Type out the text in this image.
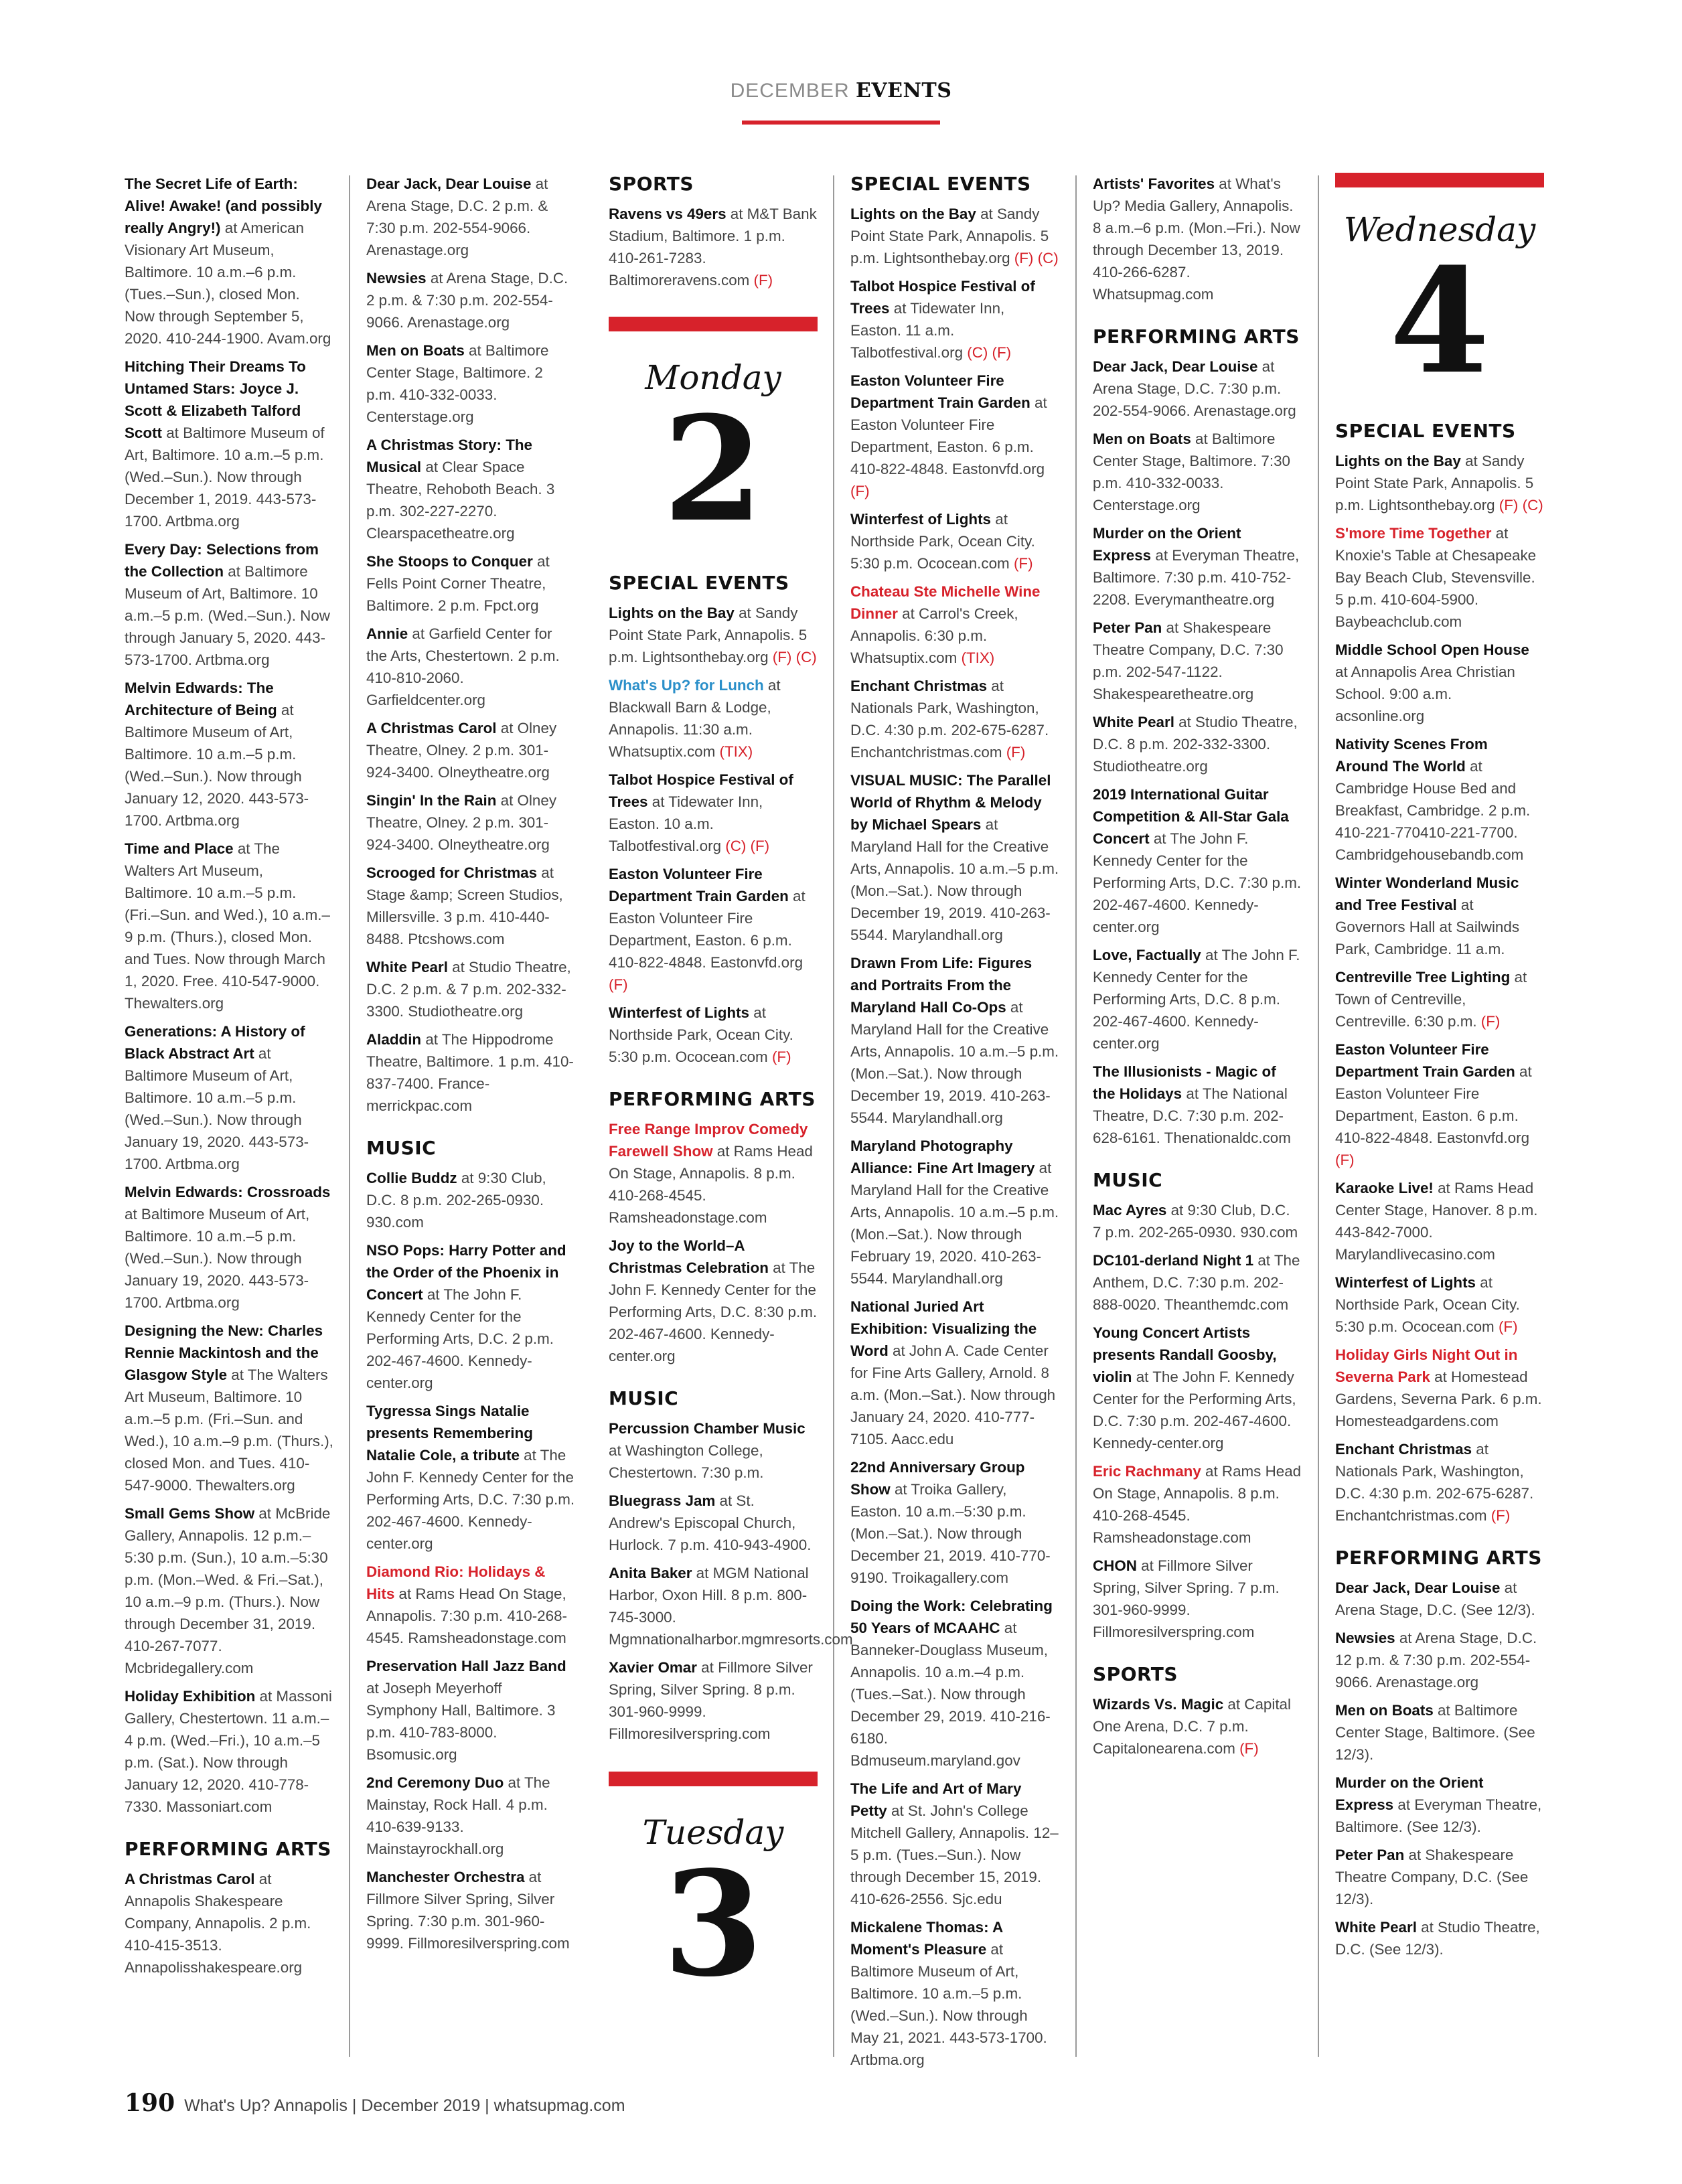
DECEMBER EVENTS
The Secret Life of Earth: Alive! Awake! (and possibly really Angry!) at American Visionary Art Museum, Baltimore. 10 a.m.–6 p.m. (Tues.–Sun.), closed Mon. Now through September 5, 2020. 410-244-1900. Avam.org
Hitching Their Dreams To Untamed Stars: Joyce J. Scott & Elizabeth Talford Scott at Baltimore Museum of Art, Baltimore. 10 a.m.–5 p.m. (Wed.–Sun.). Now through December 1, 2019. 443-573-1700. Artbma.org
Every Day: Selections from the Collection at Baltimore Museum of Art, Baltimore. 10 a.m.–5 p.m. (Wed.–Sun.). Now through January 5, 2020. 443-573-1700. Artbma.org
Melvin Edwards: The Architecture of Being at Baltimore Museum of Art, Baltimore. 10 a.m.–5 p.m. (Wed.–Sun.). Now through January 12, 2020. 443-573-1700. Artbma.org
Time and Place at The Walters Art Museum, Baltimore. 10 a.m.–5 p.m. (Fri.–Sun. and Wed.), 10 a.m.–9 p.m. (Thurs.), closed Mon. and Tues. Now through March 1, 2020. Free. 410-547-9000. Thewalters.org
Generations: A History of Black Abstract Art at Baltimore Museum of Art, Baltimore. 10 a.m.–5 p.m. (Wed.–Sun.). Now through January 19, 2020. 443-573-1700. Artbma.org
Melvin Edwards: Crossroads at Baltimore Museum of Art, Baltimore. 10 a.m.–5 p.m. (Wed.–Sun.). Now through January 19, 2020. 443-573-1700. Artbma.org
Designing the New: Charles Rennie Mackintosh and the Glasgow Style at The Walters Art Museum, Baltimore. 10 a.m.–5 p.m. (Fri.–Sun. and Wed.), 10 a.m.–9 p.m. (Thurs.), closed Mon. and Tues. 410-547-9000. Thewalters.org
Small Gems Show at McBride Gallery, Annapolis. 12 p.m.–5:30 p.m. (Sun.), 10 a.m.–5:30 p.m. (Mon.–Wed. & Fri.–Sat.), 10 a.m.–9 p.m. (Thurs.). Now through December 31, 2019. 410-267-7077. Mcbridegallery.com
Holiday Exhibition at Massoni Gallery, Chestertown. 11 a.m.–4 p.m. (Wed.–Fri.), 10 a.m.–5 p.m. (Sat.). Now through January 12, 2020. 410-778-7330. Massoniart.com
PERFORMING ARTS
A Christmas Carol at Annapolis Shakespeare Company, Annapolis. 2 p.m. 410-415-3513. Annapolisshakespeare.org
Dear Jack, Dear Louise at Arena Stage, D.C. 2 p.m. & 7:30 p.m. 202-554-9066. Arenastage.org
Newsies at Arena Stage, D.C. 2 p.m. & 7:30 p.m. 202-554-9066. Arenastage.org
Men on Boats at Baltimore Center Stage, Baltimore. 2 p.m. 410-332-0033. Centerstage.org
A Christmas Story: The Musical at Clear Space Theatre, Rehoboth Beach. 3 p.m. 302-227-2270. Clearspacetheatre.org
She Stoops to Conquer at Fells Point Corner Theatre, Baltimore. 2 p.m. Fpct.org
Annie at Garfield Center for the Arts, Chestertown. 2 p.m. 410-810-2060. Garfieldcenter.org
A Christmas Carol at Olney Theatre, Olney. 2 p.m. 301-924-3400. Olneytheatre.org
Singin' In the Rain at Olney Theatre, Olney. 2 p.m. 301-924-3400. Olneytheatre.org
Scrooged for Christmas at Stage &amp; Screen Studios, Millersville. 3 p.m. 410-440-8488. Ptcshows.com
White Pearl at Studio Theatre, D.C. 2 p.m. & 7 p.m. 202-332-3300. Studiotheatre.org
Aladdin at The Hippodrome Theatre, Baltimore. 1 p.m. 410-837-7400. France-merrickpac.com
MUSIC
Collie Buddz at 9:30 Club, D.C. 8 p.m. 202-265-0930. 930.com
NSO Pops: Harry Potter and the Order of the Phoenix in Concert at The John F. Kennedy Center for the Performing Arts, D.C. 2 p.m. 202-467-4600. Kennedy-center.org
Tygressa Sings Natalie presents Remembering Natalie Cole, a tribute at The John F. Kennedy Center for the Performing Arts, D.C. 7:30 p.m. 202-467-4600. Kennedy-center.org
Diamond Rio: Holidays & Hits at Rams Head On Stage, Annapolis. 7:30 p.m. 410-268-4545. Ramsheadonstage.com
Preservation Hall Jazz Band at Joseph Meyerhoff Symphony Hall, Baltimore. 3 p.m. 410-783-8000. Bsomusic.org
2nd Ceremony Duo at The Mainstay, Rock Hall. 4 p.m. 410-639-9133. Mainstayrockhall.org
Manchester Orchestra at Fillmore Silver Spring, Silver Spring. 7:30 p.m. 301-960-9999. Fillmoresilverspring.com
SPORTS
Ravens vs 49ers at M&T Bank Stadium, Baltimore. 1 p.m. 410-261-7283. Baltimoreravens.com (F)
Monday
2
SPECIAL EVENTS
Lights on the Bay at Sandy Point State Park, Annapolis. 5 p.m. Lightsonthebay.org (F) (C)
What's Up? for Lunch at Blackwall Barn & Lodge, Annapolis. 11:30 a.m. Whatsuptix.com (TIX)
Talbot Hospice Festival of Trees at Tidewater Inn, Easton. 10 a.m. Talbotfestival.org (C) (F)
Easton Volunteer Fire Department Train Garden at Easton Volunteer Fire Department, Easton. 6 p.m. 410-822-4848. Eastonvfd.org (F)
Winterfest of Lights at Northside Park, Ocean City. 5:30 p.m. Ococean.com (F)
PERFORMING ARTS
Free Range Improv Comedy Farewell Show at Rams Head On Stage, Annapolis. 8 p.m. 410-268-4545. Ramsheadonstage.com
Joy to the World–A Christmas Celebration at The John F. Kennedy Center for the Performing Arts, D.C. 8:30 p.m. 202-467-4600. Kennedy-center.org
MUSIC
Percussion Chamber Music at Washington College, Chestertown. 7:30 p.m.
Bluegrass Jam at St. Andrew's Episcopal Church, Hurlock. 7 p.m. 410-943-4900.
Anita Baker at MGM National Harbor, Oxon Hill. 8 p.m. 800-745-3000. Mgmnationalharbor.mgmresorts.com
Xavier Omar at Fillmore Silver Spring, Silver Spring. 8 p.m. 301-960-9999. Fillmoresilverspring.com
Tuesday
3
SPECIAL EVENTS
Lights on the Bay at Sandy Point State Park, Annapolis. 5 p.m. Lightsonthebay.org (F) (C)
Talbot Hospice Festival of Trees at Tidewater Inn, Easton. 11 a.m. Talbotfestival.org (C) (F)
Easton Volunteer Fire Department Train Garden at Easton Volunteer Fire Department, Easton. 6 p.m. 410-822-4848. Eastonvfd.org (F)
Winterfest of Lights at Northside Park, Ocean City. 5:30 p.m. Ococean.com (F)
Chateau Ste Michelle Wine Dinner at Carrol's Creek, Annapolis. 6:30 p.m. Whatsuptix.com (TIX)
Enchant Christmas at Nationals Park, Washington, D.C. 4:30 p.m. 202-675-6287. Enchantchristmas.com (F)
VISUAL MUSIC: The Parallel World of Rhythm & Melody by Michael Spears at Maryland Hall for the Creative Arts, Annapolis. 10 a.m.–5 p.m. (Mon.–Sat.). Now through December 19, 2019. 410-263-5544. Marylandhall.org
Drawn From Life: Figures and Portraits From the Maryland Hall Co-Ops at Maryland Hall for the Creative Arts, Annapolis. 10 a.m.–5 p.m. (Mon.–Sat.). Now through December 19, 2019. 410-263-5544. Marylandhall.org
Maryland Photography Alliance: Fine Art Imagery at Maryland Hall for the Creative Arts, Annapolis. 10 a.m.–5 p.m. (Mon.–Sat.). Now through February 19, 2020. 410-263-5544. Marylandhall.org
National Juried Art Exhibition: Visualizing the Word at John A. Cade Center for Fine Arts Gallery, Arnold. 8 a.m. (Mon.–Sat.). Now through January 24, 2020. 410-777-7105. Aacc.edu
22nd Anniversary Group Show at Troika Gallery, Easton. 10 a.m.–5:30 p.m. (Mon.–Sat.). Now through December 21, 2019. 410-770-9190. Troikagallery.com
Doing the Work: Celebrating 50 Years of MCAAHC at Banneker-Douglass Museum, Annapolis. 10 a.m.–4 p.m. (Tues.–Sat.). Now through December 29, 2019. 410-216-6180. Bdmuseum.maryland.gov
The Life and Art of Mary Petty at St. John's College Mitchell Gallery, Annapolis. 12–5 p.m. (Tues.–Sun.). Now through December 15, 2019. 410-626-2556. Sjc.edu
Mickalene Thomas: A Moment's Pleasure at Baltimore Museum of Art, Baltimore. 10 a.m.–5 p.m. (Wed.–Sun.). Now through May 21, 2021. 443-573-1700. Artbma.org
Artists' Favorites at What's Up? Media Gallery, Annapolis. 8 a.m.–6 p.m. (Mon.–Fri.). Now through December 13, 2019. 410-266-6287. Whatsupmag.com
PERFORMING ARTS
Dear Jack, Dear Louise at Arena Stage, D.C. 7:30 p.m. 202-554-9066. Arenastage.org
Men on Boats at Baltimore Center Stage, Baltimore. 7:30 p.m. 410-332-0033. Centerstage.org
Murder on the Orient Express at Everyman Theatre, Baltimore. 7:30 p.m. 410-752-2208. Everymantheatre.org
Peter Pan at Shakespeare Theatre Company, D.C. 7:30 p.m. 202-547-1122. Shakespearetheatre.org
White Pearl at Studio Theatre, D.C. 8 p.m. 202-332-3300. Studiotheatre.org
2019 International Guitar Competition & All-Star Gala Concert at The John F. Kennedy Center for the Performing Arts, D.C. 7:30 p.m. 202-467-4600. Kennedy-center.org
Love, Factually at The John F. Kennedy Center for the Performing Arts, D.C. 8 p.m. 202-467-4600. Kennedy-center.org
The Illusionists - Magic of the Holidays at The National Theatre, D.C. 7:30 p.m. 202-628-6161. Thenationaldc.com
MUSIC
Mac Ayres at 9:30 Club, D.C. 7 p.m. 202-265-0930. 930.com
DC101-derland Night 1 at The Anthem, D.C. 7:30 p.m. 202-888-0020. Theanthemdc.com
Young Concert Artists presents Randall Goosby, violin at The John F. Kennedy Center for the Performing Arts, D.C. 7:30 p.m. 202-467-4600. Kennedy-center.org
Eric Rachmany at Rams Head On Stage, Annapolis. 8 p.m. 410-268-4545. Ramsheadonstage.com
CHON at Fillmore Silver Spring, Silver Spring. 7 p.m. 301-960-9999. Fillmoresilverspring.com
SPORTS
Wizards Vs. Magic at Capital One Arena, D.C. 7 p.m. Capitalonearena.com (F)
Wednesday
4
SPECIAL EVENTS
Lights on the Bay at Sandy Point State Park, Annapolis. 5 p.m. Lightsonthebay.org (F) (C)
S'more Time Together at Knoxie's Table at Chesapeake Bay Beach Club, Stevensville. 5 p.m. 410-604-5900. Baybeachclub.com
Middle School Open House at Annapolis Area Christian School. 9:00 a.m. acsonline.org
Nativity Scenes From Around The World at Cambridge House Bed and Breakfast, Cambridge. 2 p.m. 410-221-770410-221-7700. Cambridgehousebandb.com
Winter Wonderland Music and Tree Festival at Governors Hall at Sailwinds Park, Cambridge. 11 a.m.
Centreville Tree Lighting at Town of Centreville, Centreville. 6:30 p.m. (F)
Easton Volunteer Fire Department Train Garden at Easton Volunteer Fire Department, Easton. 6 p.m. 410-822-4848. Eastonvfd.org (F)
Karaoke Live! at Rams Head Center Stage, Hanover. 8 p.m. 443-842-7000. Marylandlivecasino.com
Winterfest of Lights at Northside Park, Ocean City. 5:30 p.m. Ococean.com (F)
Holiday Girls Night Out in Severna Park at Homestead Gardens, Severna Park. 6 p.m. Homesteadgardens.com
Enchant Christmas at Nationals Park, Washington, D.C. 4:30 p.m. 202-675-6287. Enchantchristmas.com (F)
PERFORMING ARTS
Dear Jack, Dear Louise at Arena Stage, D.C. (See 12/3).
Newsies at Arena Stage, D.C. 12 p.m. & 7:30 p.m. 202-554-9066. Arenastage.org
Men on Boats at Baltimore Center Stage, Baltimore. (See 12/3).
Murder on the Orient Express at Everyman Theatre, Baltimore. (See 12/3).
Peter Pan at Shakespeare Theatre Company, D.C. (See 12/3).
White Pearl at Studio Theatre, D.C. (See 12/3).
190 What's Up? Annapolis | December 2019 | whatsupmag.com
